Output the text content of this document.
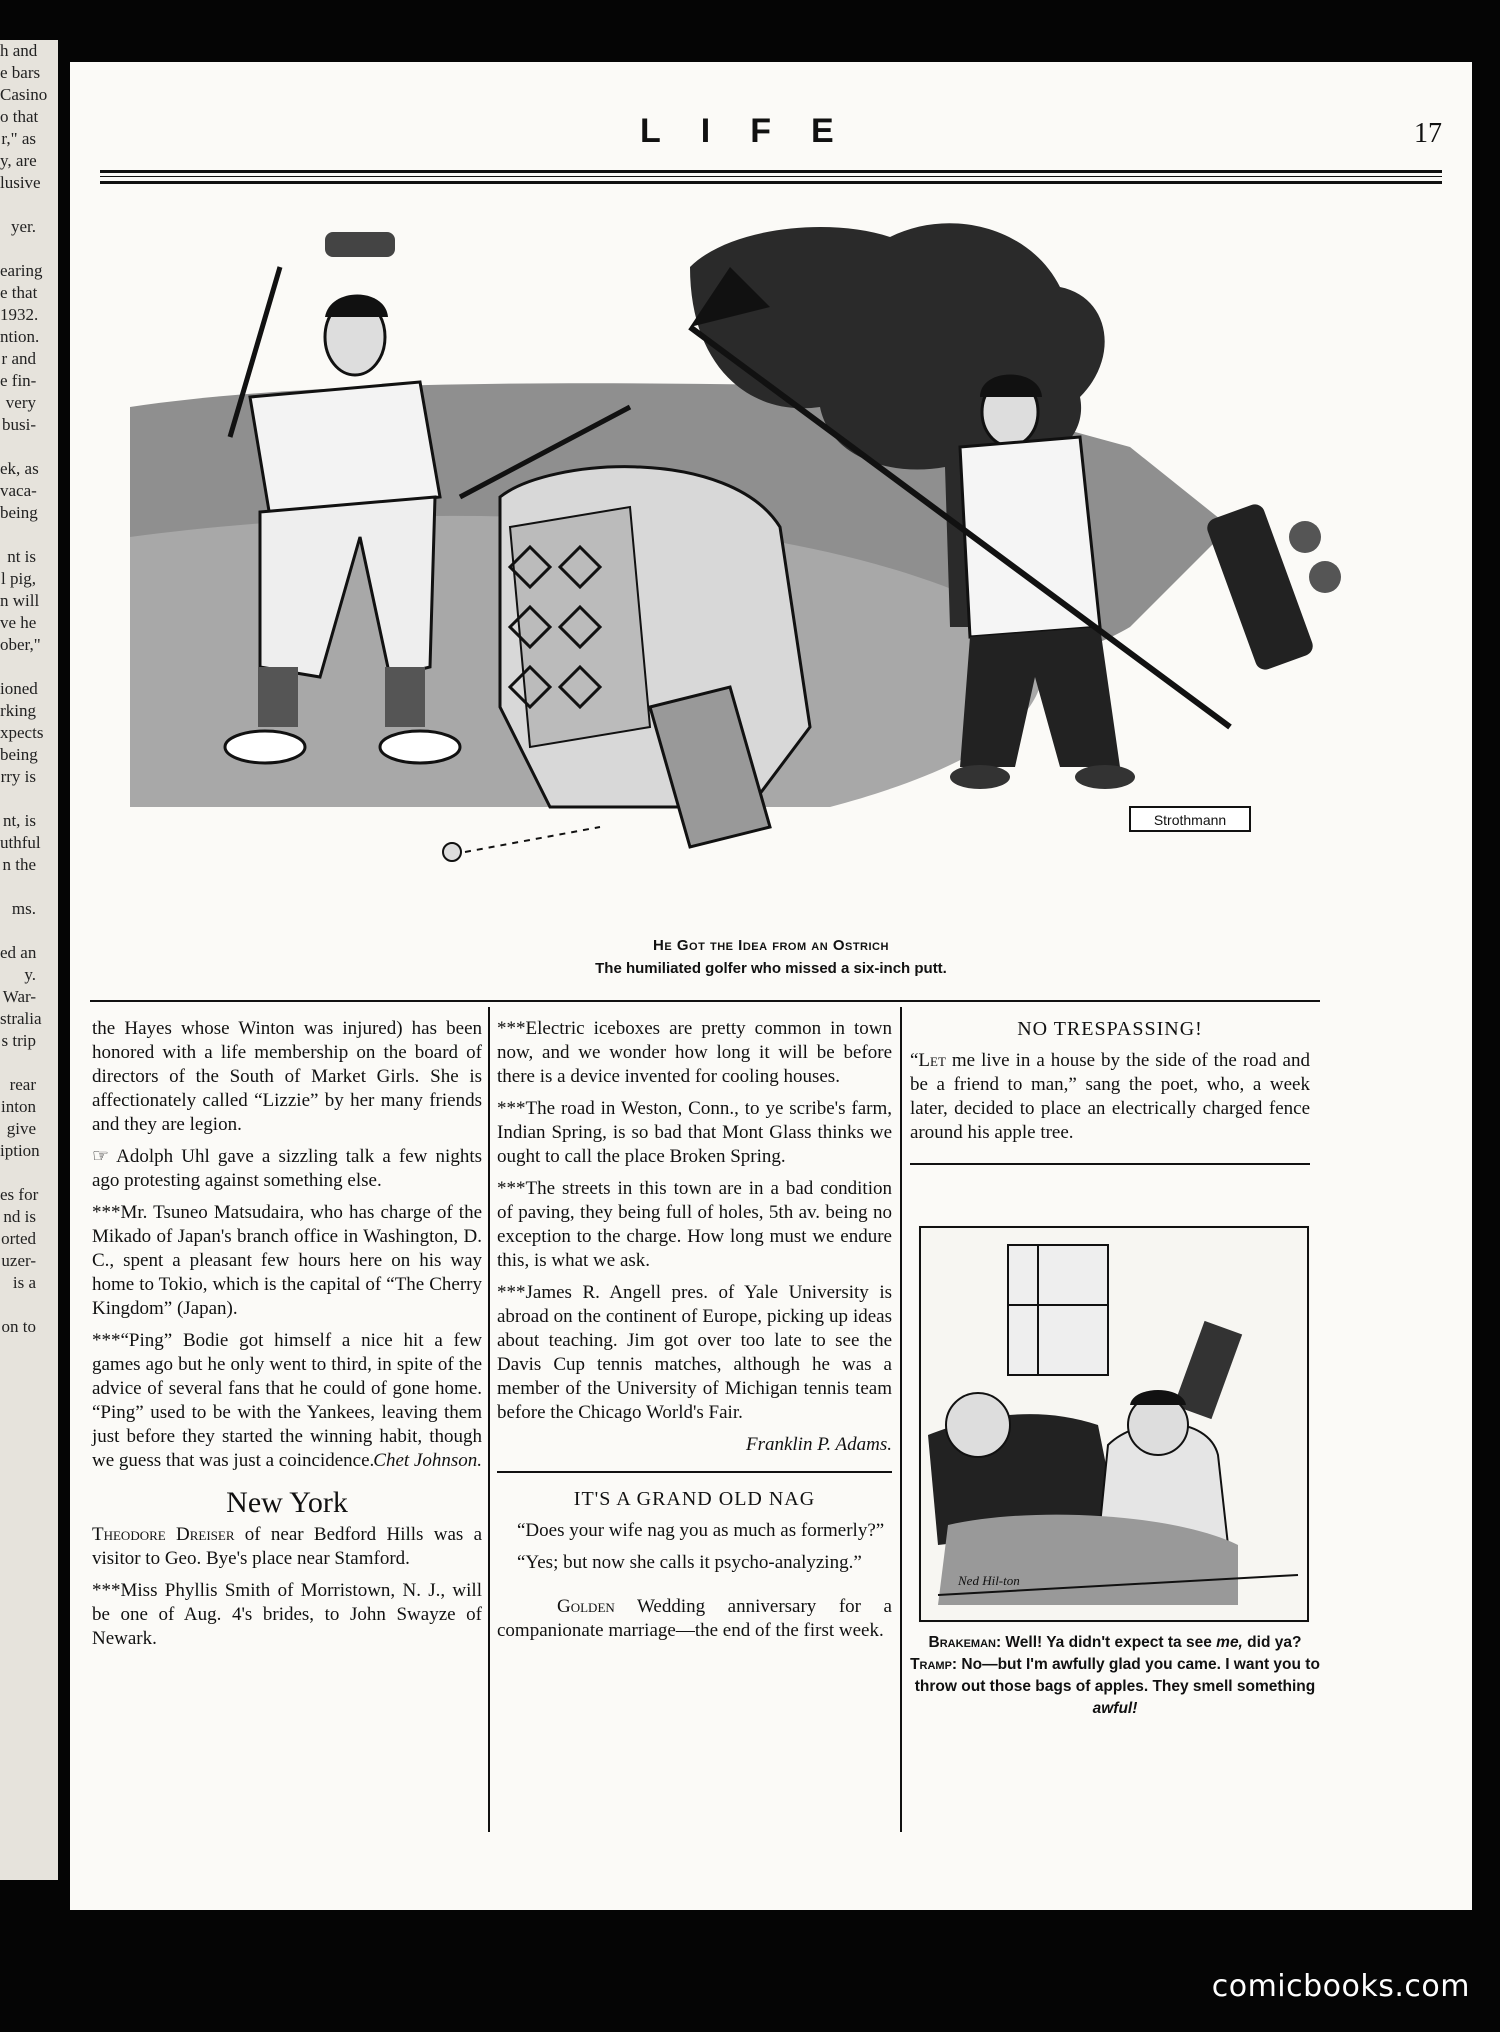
h and
e bars
Casino
o that
r," as
y, are
lusive
yer.
earing
e that
1932.
ntion.
r and
e fin-
very
busi-
ek, as
vaca-
being
nt is
l pig,
n will
ve he
ober,"
ioned
rking
xpects
being
rry is
nt, is
uthful
n the
ms.
ed an
y.
War-
stralia
s trip
rear
inton
give
iption
es for
nd is
orted
uzer-
is a
on to
LIFE	17
Strothmann
He Got the Idea from an Ostrich
The humiliated golfer who missed a six-inch putt.

the Hayes whose Winton was injured) has been honored with a life membership on the board of directors of the South of Market Girls. She is affectionately called “Lizzie” by her many friends and they are legion.

☞ Adolph Uhl gave a sizzling talk a few nights ago protesting against something else.

***Mr. Tsuneo Matsudaira, who has charge of the Mikado of Japan's branch office in Washington, D. C., spent a pleasant few hours here on his way home to Tokio, which is the capital of “The Cherry Kingdom” (Japan).

***“Ping” Bodie got himself a nice hit a few games ago but he only went to third, in spite of the advice of several fans that he could of gone home. “Ping” used to be with the Yankees, leaving them just before they started the winning habit, though we guess that was just a coincidence. Chet Johnson.
New York

Theodore Dreiser of near Bedford Hills was a visitor to Geo. Bye's place near Stamford.

***Miss Phyllis Smith of Morristown, N. J., will be one of Aug. 4's brides, to John Swayze of Newark.

***Electric iceboxes are pretty common in town now, and we wonder how long it will be before there is a device invented for cooling houses.

***The road in Weston, Conn., to ye scribe's farm, Indian Spring, is so bad that Mont Glass thinks we ought to call the place Broken Spring.

***The streets in this town are in a bad condition of paving, they being full of holes, 5th av. being no exception to the charge. How long must we endure this, is what we ask.

***James R. Angell pres. of Yale University is abroad on the continent of Europe, picking up ideas about teaching. Jim got over too late to see the Davis Cup tennis matches, although he was a member of the University of Michigan tennis team before the Chicago World's Fair.

Franklin P. Adams.
IT'S A GRAND OLD NAG

“Does your wife nag you as much as formerly?”

“Yes; but now she calls it psycho-analyzing.”

Golden Wedding anniversary for a companionate marriage—the end of the first week.

NO TRESPASSING!

“Let me live in a house by the side of the road and be a friend to man,” sang the poet, who, a week later, decided to place an electrically charged fence around his apple tree.

Ned Hil-ton
Brakeman: Well! Ya didn't expect ta see me, did ya?
Tramp: No—but I'm awfully glad you came. I want you to throw out those bags of apples. They smell something awful!
comicbooks.com
